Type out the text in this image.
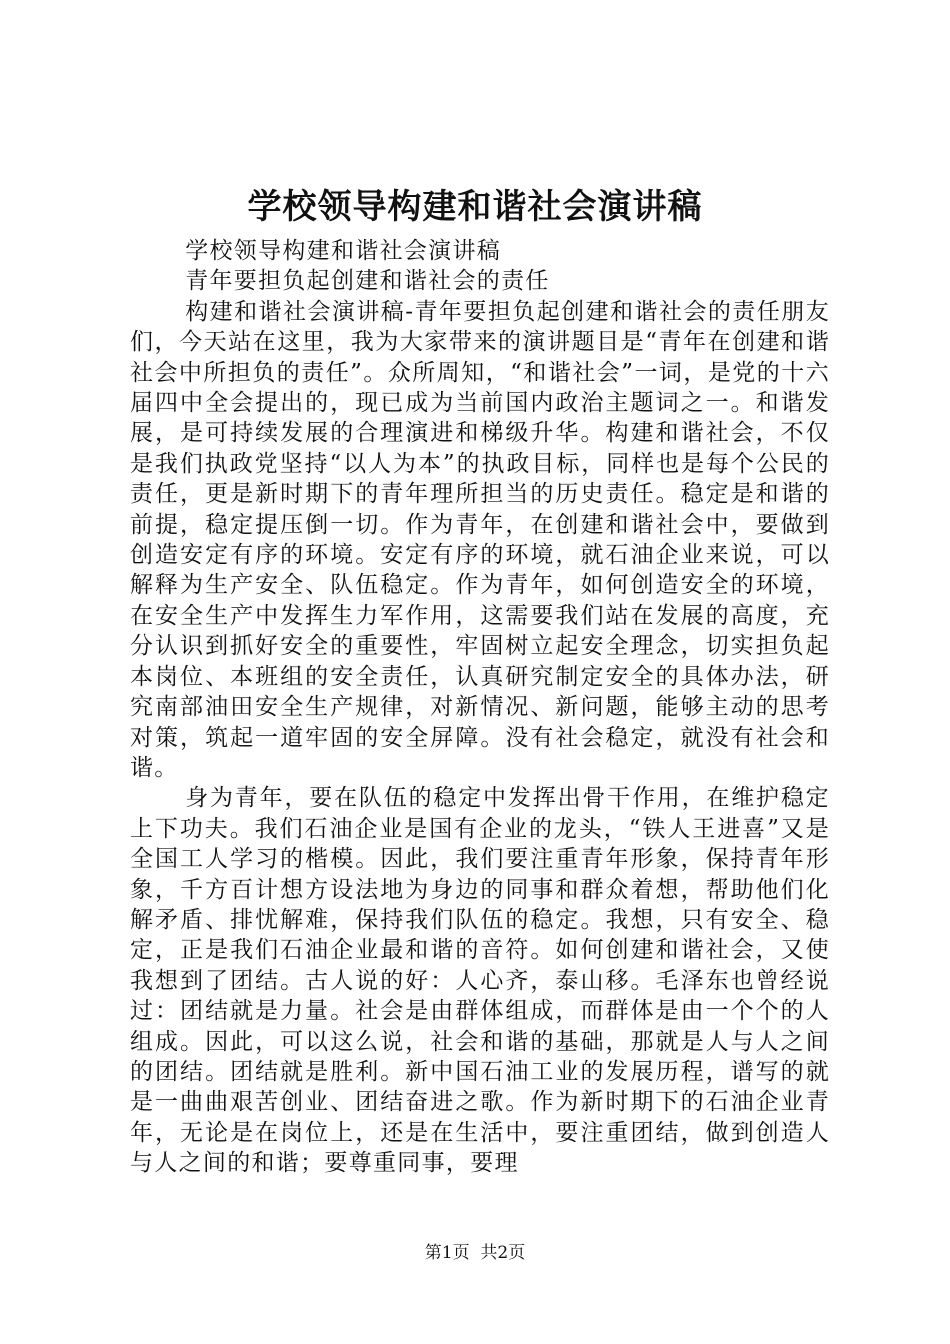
学校领导构建和谐社会演讲稿

学校领导构建和谐社会演讲稿

青年要担负起创建和谐社会的责任

构建和谐社会演讲稿-青年要担负起创建和谐社会的责任朋友们，今天站在这里，我为大家带来的演讲题目是“青年在创建和谐社会中所担负的责任”。众所周知，“和谐社会”一词，是党的十六届四中全会提出的，现已成为当前国内政治主题词之一。和谐发展，是可持续发展的合理演进和梯级升华。构建和谐社会，不仅是我们执政党坚持“以人为本”的执政目标，同样也是每个公民的责任，更是新时期下的青年理所担当的历史责任。稳定是和谐的前提，稳定提压倒一切。作为青年，在创建和谐社会中，要做到创造安定有序的环境。安定有序的环境，就石油企业来说，可以解释为生产安全、队伍稳定。作为青年，如何创造安全的环境，在安全生产中发挥生力军作用，这需要我们站在发展的高度，充分认识到抓好安全的重要性，牢固树立起安全理念，切实担负起本岗位、本班组的安全责任，认真研究制定安全的具体办法，研究南部油田安全生产规律，对新情况、新问题，能够主动的思考对策，筑起一道牢固的安全屏障。没有社会稳定，就没有社会和谐。

身为青年，要在队伍的稳定中发挥出骨干作用，在维护稳定上下功夫。我们石油企业是国有企业的龙头，“铁人王进喜”又是全国工人学习的楷模。因此，我们要注重青年形象，保持青年形象，千方百计想方设法地为身边的同事和群众着想，帮助他们化解矛盾、排忧解难，保持我们队伍的稳定。我想，只有安全、稳定，正是我们石油企业最和谐的音符。如何创建和谐社会，又使我想到了团结。古人说的好：人心齐，泰山移。毛泽东也曾经说过：团结就是力量。社会是由群体组成，而群体是由一个个的人组成。因此，可以这么说，社会和谐的基础，那就是人与人之间的团结。团结就是胜利。新中国石油工业的发展历程，谱写的就是一曲曲艰苦创业、团结奋进之歌。作为新时期下的石油企业青年，无论是在岗位上，还是在生活中，要注重团结，做到创造人与人之间的和谐；要尊重同事，要理

第1页 共2页
